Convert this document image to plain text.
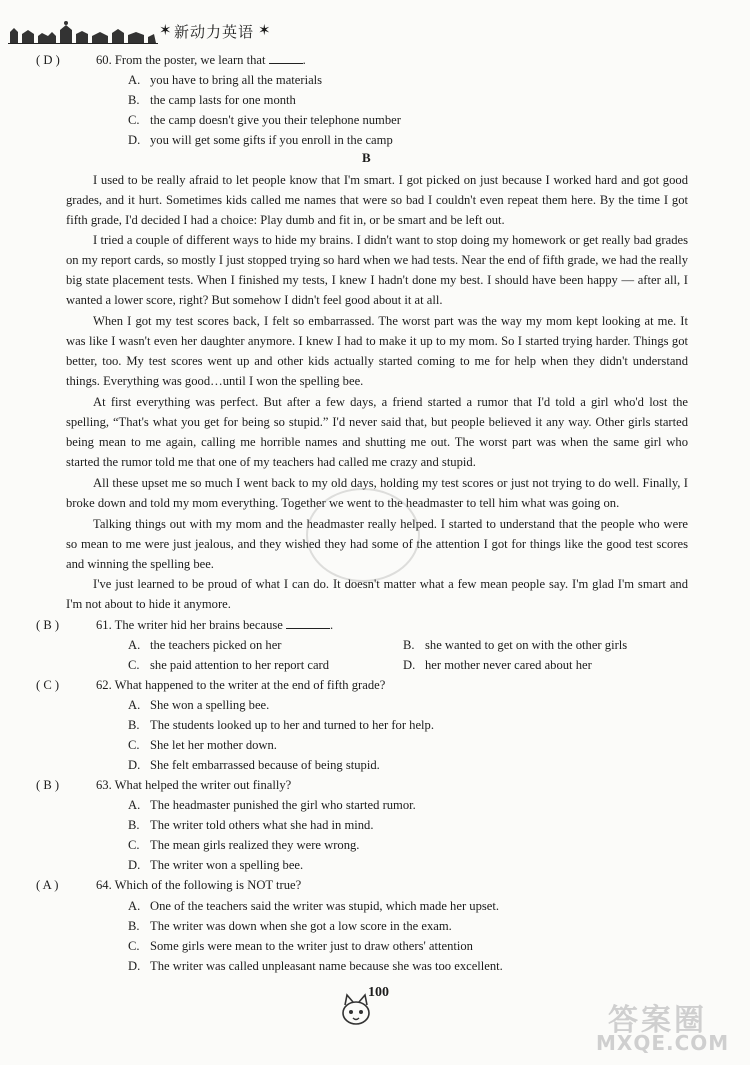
✶ 新动力英语 ✶
( D )	60. From the poster, we learn that	.
A. you have to bring all the materials
B. the camp lasts for one month
C. the camp doesn't give you their telephone number
D. you will get some gifts if you enroll in the camp
B
I used to be really afraid to let people know that I'm smart. I got picked on just because I worked hard and got good grades, and it hurt. Sometimes kids called me names that were so bad I couldn't even repeat them here. By the time I got fifth grade, I'd decided I had a choice: Play dumb and fit in, or be smart and be left out.
I tried a couple of different ways to hide my brains. I didn't want to stop doing my homework or get really bad grades on my report cards, so mostly I just stopped trying so hard when we had tests. Near the end of fifth grade, we had the really big state placement tests. When I finished my tests, I knew I hadn't done my best. I should have been happy — after all, I wanted a lower score, right? But somehow I didn't feel good about it at all.
When I got my test scores back, I felt so embarrassed. The worst part was the way my mom kept looking at me. It was like I wasn't even her daughter anymore. I knew I had to make it up to my mom. So I started trying harder. Things got better, too. My test scores went up and other kids actually started coming to me for help when they didn't understand things. Everything was good…until I won the spelling bee.
At first everything was perfect. But after a few days, a friend started a rumor that I'd told a girl who'd lost the spelling, “That's what you get for being so stupid.” I'd never said that, but people believed it any way. Other girls started being mean to me again, calling me horrible names and shutting me out. The worst part was when the same girl who started the rumor told me that one of my teachers had called me crazy and stupid.
All these upset me so much I went back to my old days, holding my test scores or just not trying to do well. Finally, I broke down and told my mom everything. Together we went to the headmaster to tell him what was going on.
Talking things out with my mom and the headmaster really helped. I started to understand that the people who were so mean to me were just jealous, and they wished they had some of the attention I got for things like the good test scores and winning the spelling bee.
I've just learned to be proud of what I can do. It doesn't matter what a few mean people say. I'm glad I'm smart and I'm not about to hide it anymore.
( B )	61. The writer hid her brains because	.
A. the teachers picked on her	B. she wanted to get on with the other girls
C. she paid attention to her report card	D. her mother never cared about her
( C )	62. What happened to the writer at the end of fifth grade?
A. She won a spelling bee.
B. The students looked up to her and turned to her for help.
C. She let her mother down.
D. She felt embarrassed because of being stupid.
( B )	63. What helped the writer out finally?
A. The headmaster punished the girl who started rumor.
B. The writer told others what she had in mind.
C. The mean girls realized they were wrong.
D. The writer won a spelling bee.
( A )	64. Which of the following is NOT true?
A. One of the teachers said the writer was stupid, which made her upset.
B. The writer was down when she got a low score in the exam.
C. Some girls were mean to the writer just to draw others' attention
D. The writer was called unpleasant name because she was too excellent.
100
答案圈
MXQE.COM
